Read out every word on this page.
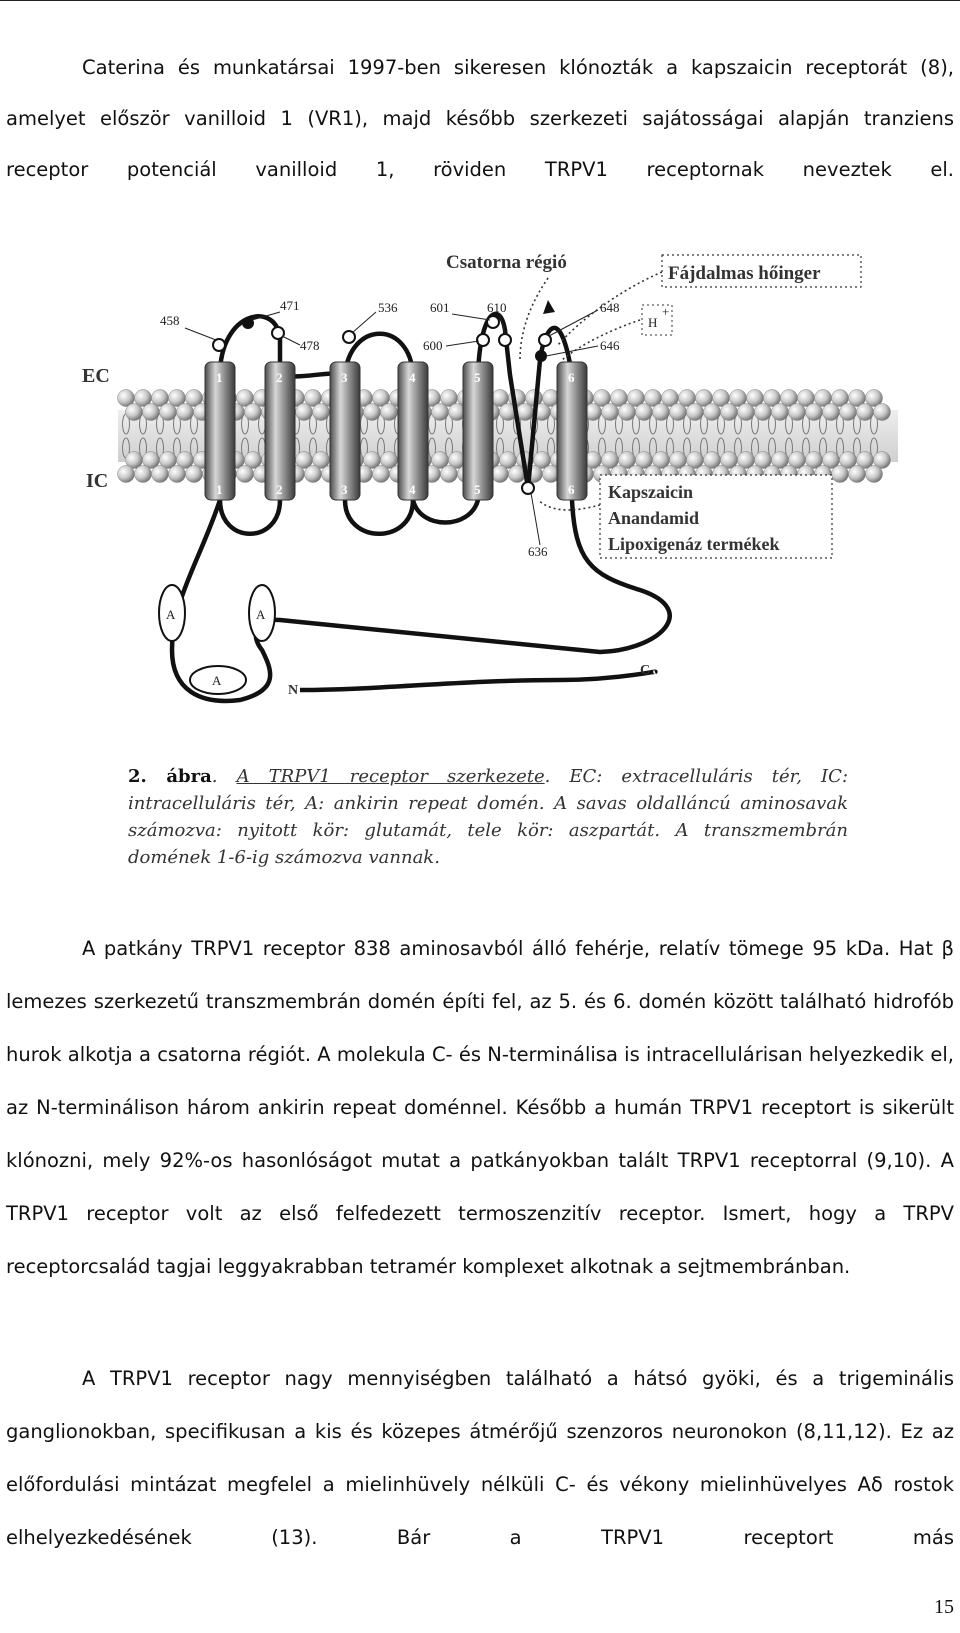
Caterina és munkatársai 1997-ben sikeresen klónozták a kapszaicin receptorát (8), amelyet először vanilloid 1 (VR1), majd később szerkezeti sajátosságai alapján tranziens receptor potenciál vanilloid 1, röviden TRPV1 receptornak neveztek el.
1
1
2
2
3
3
4
4
5
5
6
6
A	A
A
458
471
478
536	601
600
610	648
646
636
Csatorna régió
Fájdalmas hőinger
H
+
EC
IC	Kapszaicin
Anandamid
Lipoxigenáz termékek
N
C
2. ábra. A TRPV1 receptor szerkezete. EC: extracelluláris tér, IC: intracelluláris tér, A: ankirin repeat domén. A savas oldalláncú aminosavak számozva: nyitott kör: glutamát, tele kör: aszpartát. A transzmembrán domének 1-6-ig számozva vannak.
A patkány TRPV1 receptor 838 aminosavból álló fehérje, relatív tömege 95 kDa. Hat β lemezes szerkezetű transzmembrán domén építi fel, az 5. és 6. domén között található hidrofób hurok alkotja a csatorna régiót. A molekula C- és N-terminálisa is intracellulárisan helyezkedik el, az N-terminálison három ankirin repeat doménnel. Később a humán TRPV1 receptort is sikerült klónozni, mely 92%-os hasonlóságot mutat a patkányokban talált TRPV1 receptorral (9,10). A TRPV1 receptor volt az első felfedezett termoszenzitív receptor. Ismert, hogy a TRPV receptorcsalád tagjai leggyakrabban tetramér komplexet alkotnak a sejtmembránban.
A TRPV1 receptor nagy mennyiségben található a hátsó gyöki, és a trigeminális ganglionokban, specifikusan a kis és közepes átmérőjű szenzoros neuronokon (8,11,12). Ez az előfordulási mintázat megfelel a mielinhüvely nélküli C- és vékony mielinhüvelyes Aδ rostok elhelyezkedésének (13). Bár a TRPV1 receptort más
15
